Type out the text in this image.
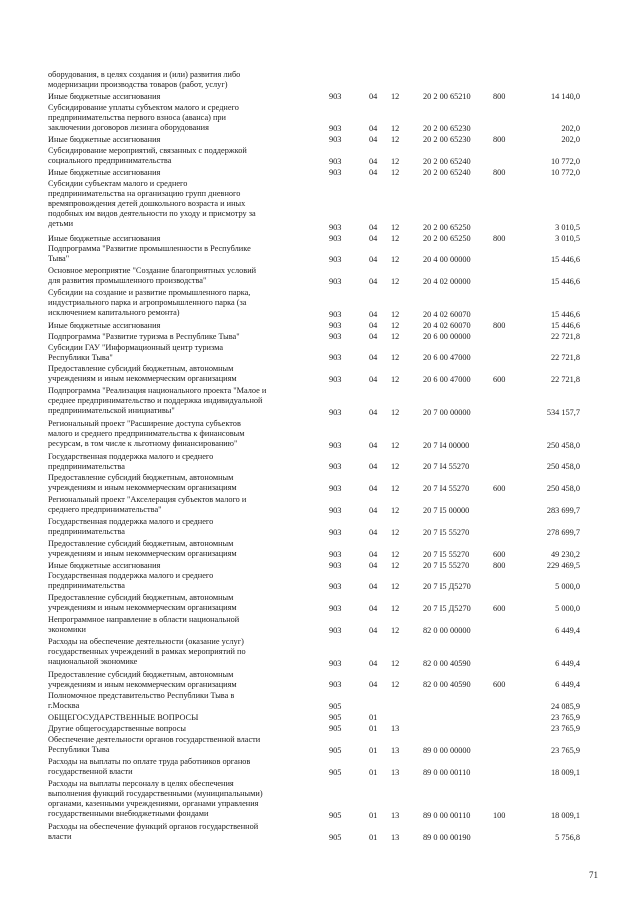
оборудования, в целях создания и (или) развития либо
модернизации производства товаров (работ, услуг)
Иные бюджетные ассигнования	903	04 12	20 2 00 65210	800	14 140,0
Субсидирование уплаты субъектом малого и среднего
предпринимательства первого взноса (аванса) при
заключении договоров лизинга оборудования	903	04 12	20 2 00 65230	202,0
Иные бюджетные ассигнования	903	04 12	20 2 00 65230	800	202,0
Субсидирование мероприятий, связанных с поддержкой
социального предпринимательства	903	04 12	20 2 00 65240	10 772,0
Иные бюджетные ассигнования	903	04 12	20 2 00 65240	800	10 772,0
Субсидии субъектам малого и среднего
предпринимательства на организацию групп дневного
времяпровождения детей дошкольного возраста и иных
подобных им видов деятельности по уходу и присмотру за
детьми	903	04 12	20 2 00 65250	3 010,5
Иные бюджетные ассигнования	903	04 12	20 2 00 65250	800	3 010,5
Подпрограмма "Развитие промышленности в Республике
Тыва"	903	04 12	20 4 00 00000	15 446,6
Основное мероприятие "Создание благоприятных условий
для развития промышленного производства"	903	04 12	20 4 02 00000	15 446,6
Субсидии на создание и развитие промышленного парка,
индустриального парка и агропромышленного парка (за
исключением капитального ремонта)	903	04 12	20 4 02 60070	15 446,6
Иные бюджетные ассигнования	903	04 12	20 4 02 60070	800	15 446,6
Подпрограмма "Развитие туризма в Республике Тыва"	903	04 12	20 6 00 00000	22 721,8
Субсидии ГАУ "Информационный центр туризма
Республики Тыва"	903	04 12	20 6 00 47000	22 721,8
Предоставление субсидий бюджетным, автономным
учреждениям и иным некоммерческим организациям	903	04 12	20 6 00 47000	600	22 721,8
Подпрограмма "Реализация национального проекта "Малое и
среднее предпринимательство и поддержка индивидуальной
предпринимательской инициативы"	903	04 12	20 7 00 00000	534 157,7
Региональный проект "Расширение доступа субъектов
малого и среднего предпринимательства к финансовым
ресурсам, в том числе к льготному финансированию"	903	04 12	20 7 I4 00000	250 458,0
Государственная поддержка малого и среднего
предпринимательства	903	04 12	20 7 I4 55270	250 458,0
Предоставление субсидий бюджетным, автономным
учреждениям и иным некоммерческим организациям	903	04 12	20 7 I4 55270	600	250 458,0
Региональный проект "Акселерация субъектов малого и
среднего предпринимательства"	903	04 12	20 7 I5 00000	283 699,7
Государственная поддержка малого и среднего
предпринимательства	903	04 12	20 7 I5 55270	278 699,7
Предоставление субсидий бюджетным, автономным
учреждениям и иным некоммерческим организациям	903	04 12	20 7 I5 55270	600	49 230,2
Иные бюджетные ассигнования	903	04 12	20 7 I5 55270	800	229 469,5
Государственная поддержка малого и среднего
предпринимательства	903	04 12	20 7 I5 Д5270	5 000,0
Предоставление субсидий бюджетным, автономным
учреждениям и иным некоммерческим организациям	903	04 12	20 7 I5 Д5270	600	5 000,0
Непрограммное направление в области национальной
экономики	903	04 12	82 0 00 00000	6 449,4
Расходы на обеспечение деятельности (оказание услуг)
государственных учреждений в рамках мероприятий по
национальной экономике	903	04 12	82 0 00 40590	6 449,4
Предоставление субсидий бюджетным, автономным
учреждениям и иным некоммерческим организациям	903	04 12	82 0 00 40590	600	6 449,4
Полномочное представительство Республики Тыва в
г.Москва	905	24 085,9
ОБЩЕГОСУДАРСТВЕННЫЕ ВОПРОСЫ	905	01	23 765,9
Другие общегосударственные вопросы	905	01 13	23 765,9
Обеспечение деятельности органов государственной власти
Республики Тыва	905	01 13	89 0 00 00000	23 765,9
Расходы на выплаты по оплате труда работников органов
государственной власти	905	01 13	89 0 00 00110	18 009,1
Расходы на выплаты персоналу в целях обеспечения
выполнения функций государственными (муниципальными)
органами, казенными учреждениями, органами управления
государственными внебюджетными фондами	905	01 13	89 0 00 00110	100	18 009,1
Расходы на обеспечение функций органов государственной
власти	905	01 13	89 0 00 00190	5 756,8
71
